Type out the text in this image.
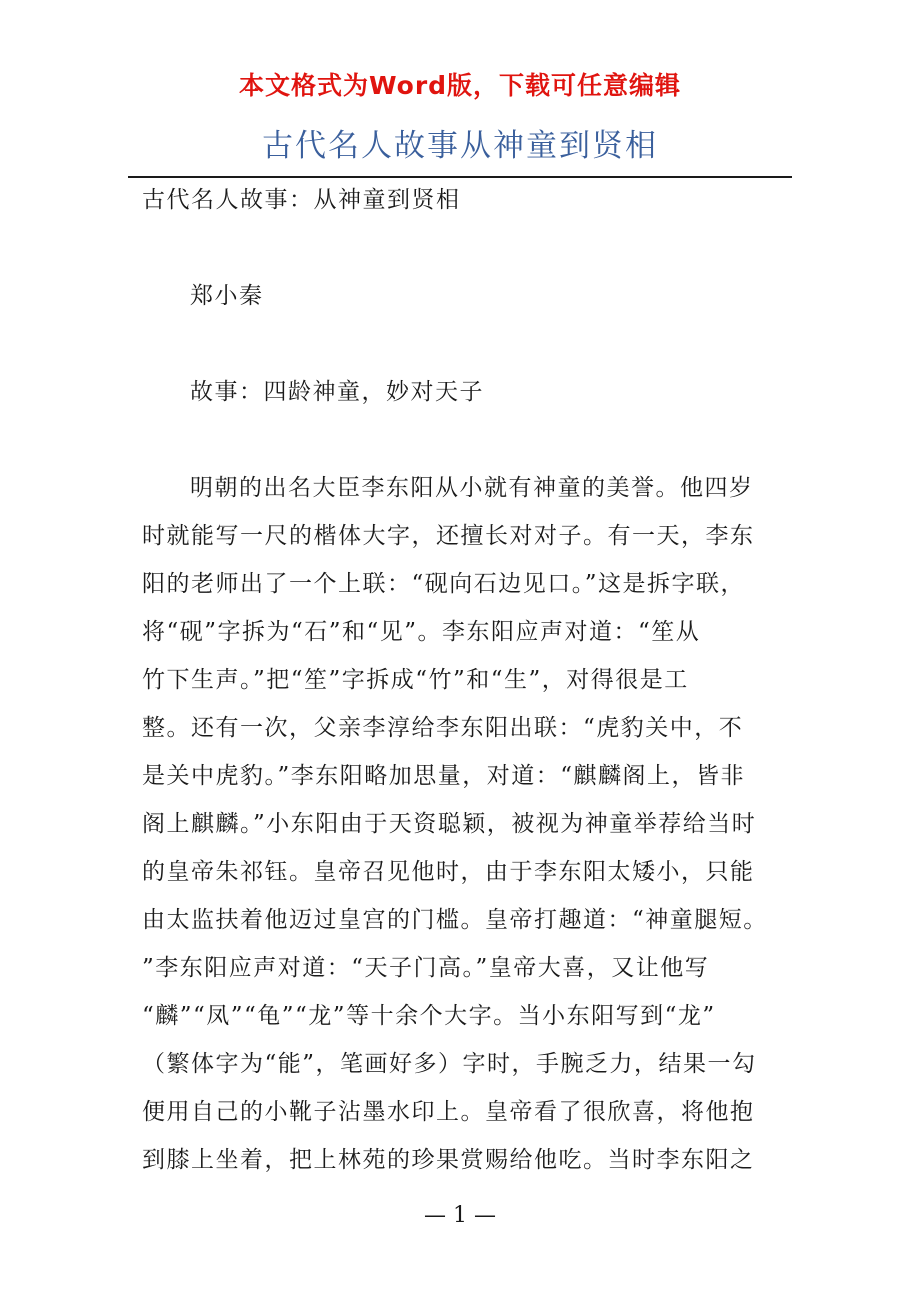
本文格式为Word版，下载可任意编辑
古代名人故事从神童到贤相
古代名人故事：从神童到贤相
郑小秦
故事：四龄神童，妙对天子
明朝的出名大臣李东阳从小就有神童的美誉。他四岁
时就能写一尺的楷体大字，还擅长对对子。有一天，李东
阳的老师出了一个上联：“砚向石边见口。”这是拆字联，
将“砚”字拆为“石”和“见”。李东阳应声对道：“笙从
竹下生声。”把“笙”字拆成“竹”和“生”，对得很是工
整。还有一次，父亲李淳给李东阳出联：“虎豹关中，不
是关中虎豹。”李东阳略加思量，对道：“麒麟阁上，皆非
阁上麒麟。”小东阳由于天资聪颖，被视为神童举荐给当时
的皇帝朱祁钰。皇帝召见他时，由于李东阳太矮小，只能
由太监扶着他迈过皇宫的门槛。皇帝打趣道：“神童腿短。
”李东阳应声对道：“天子门高。”皇帝大喜，又让他写
“麟”“凤”“龟”“龙”等十余个大字。当小东阳写到“龙”
（繁体字为“能”，笔画好多）字时，手腕乏力，结果一勾
便用自己的小靴子沾墨水印上。皇帝看了很欣喜，将他抱
到膝上坐着，把上林苑的珍果赏赐给他吃。当时李东阳之
— 1 —
